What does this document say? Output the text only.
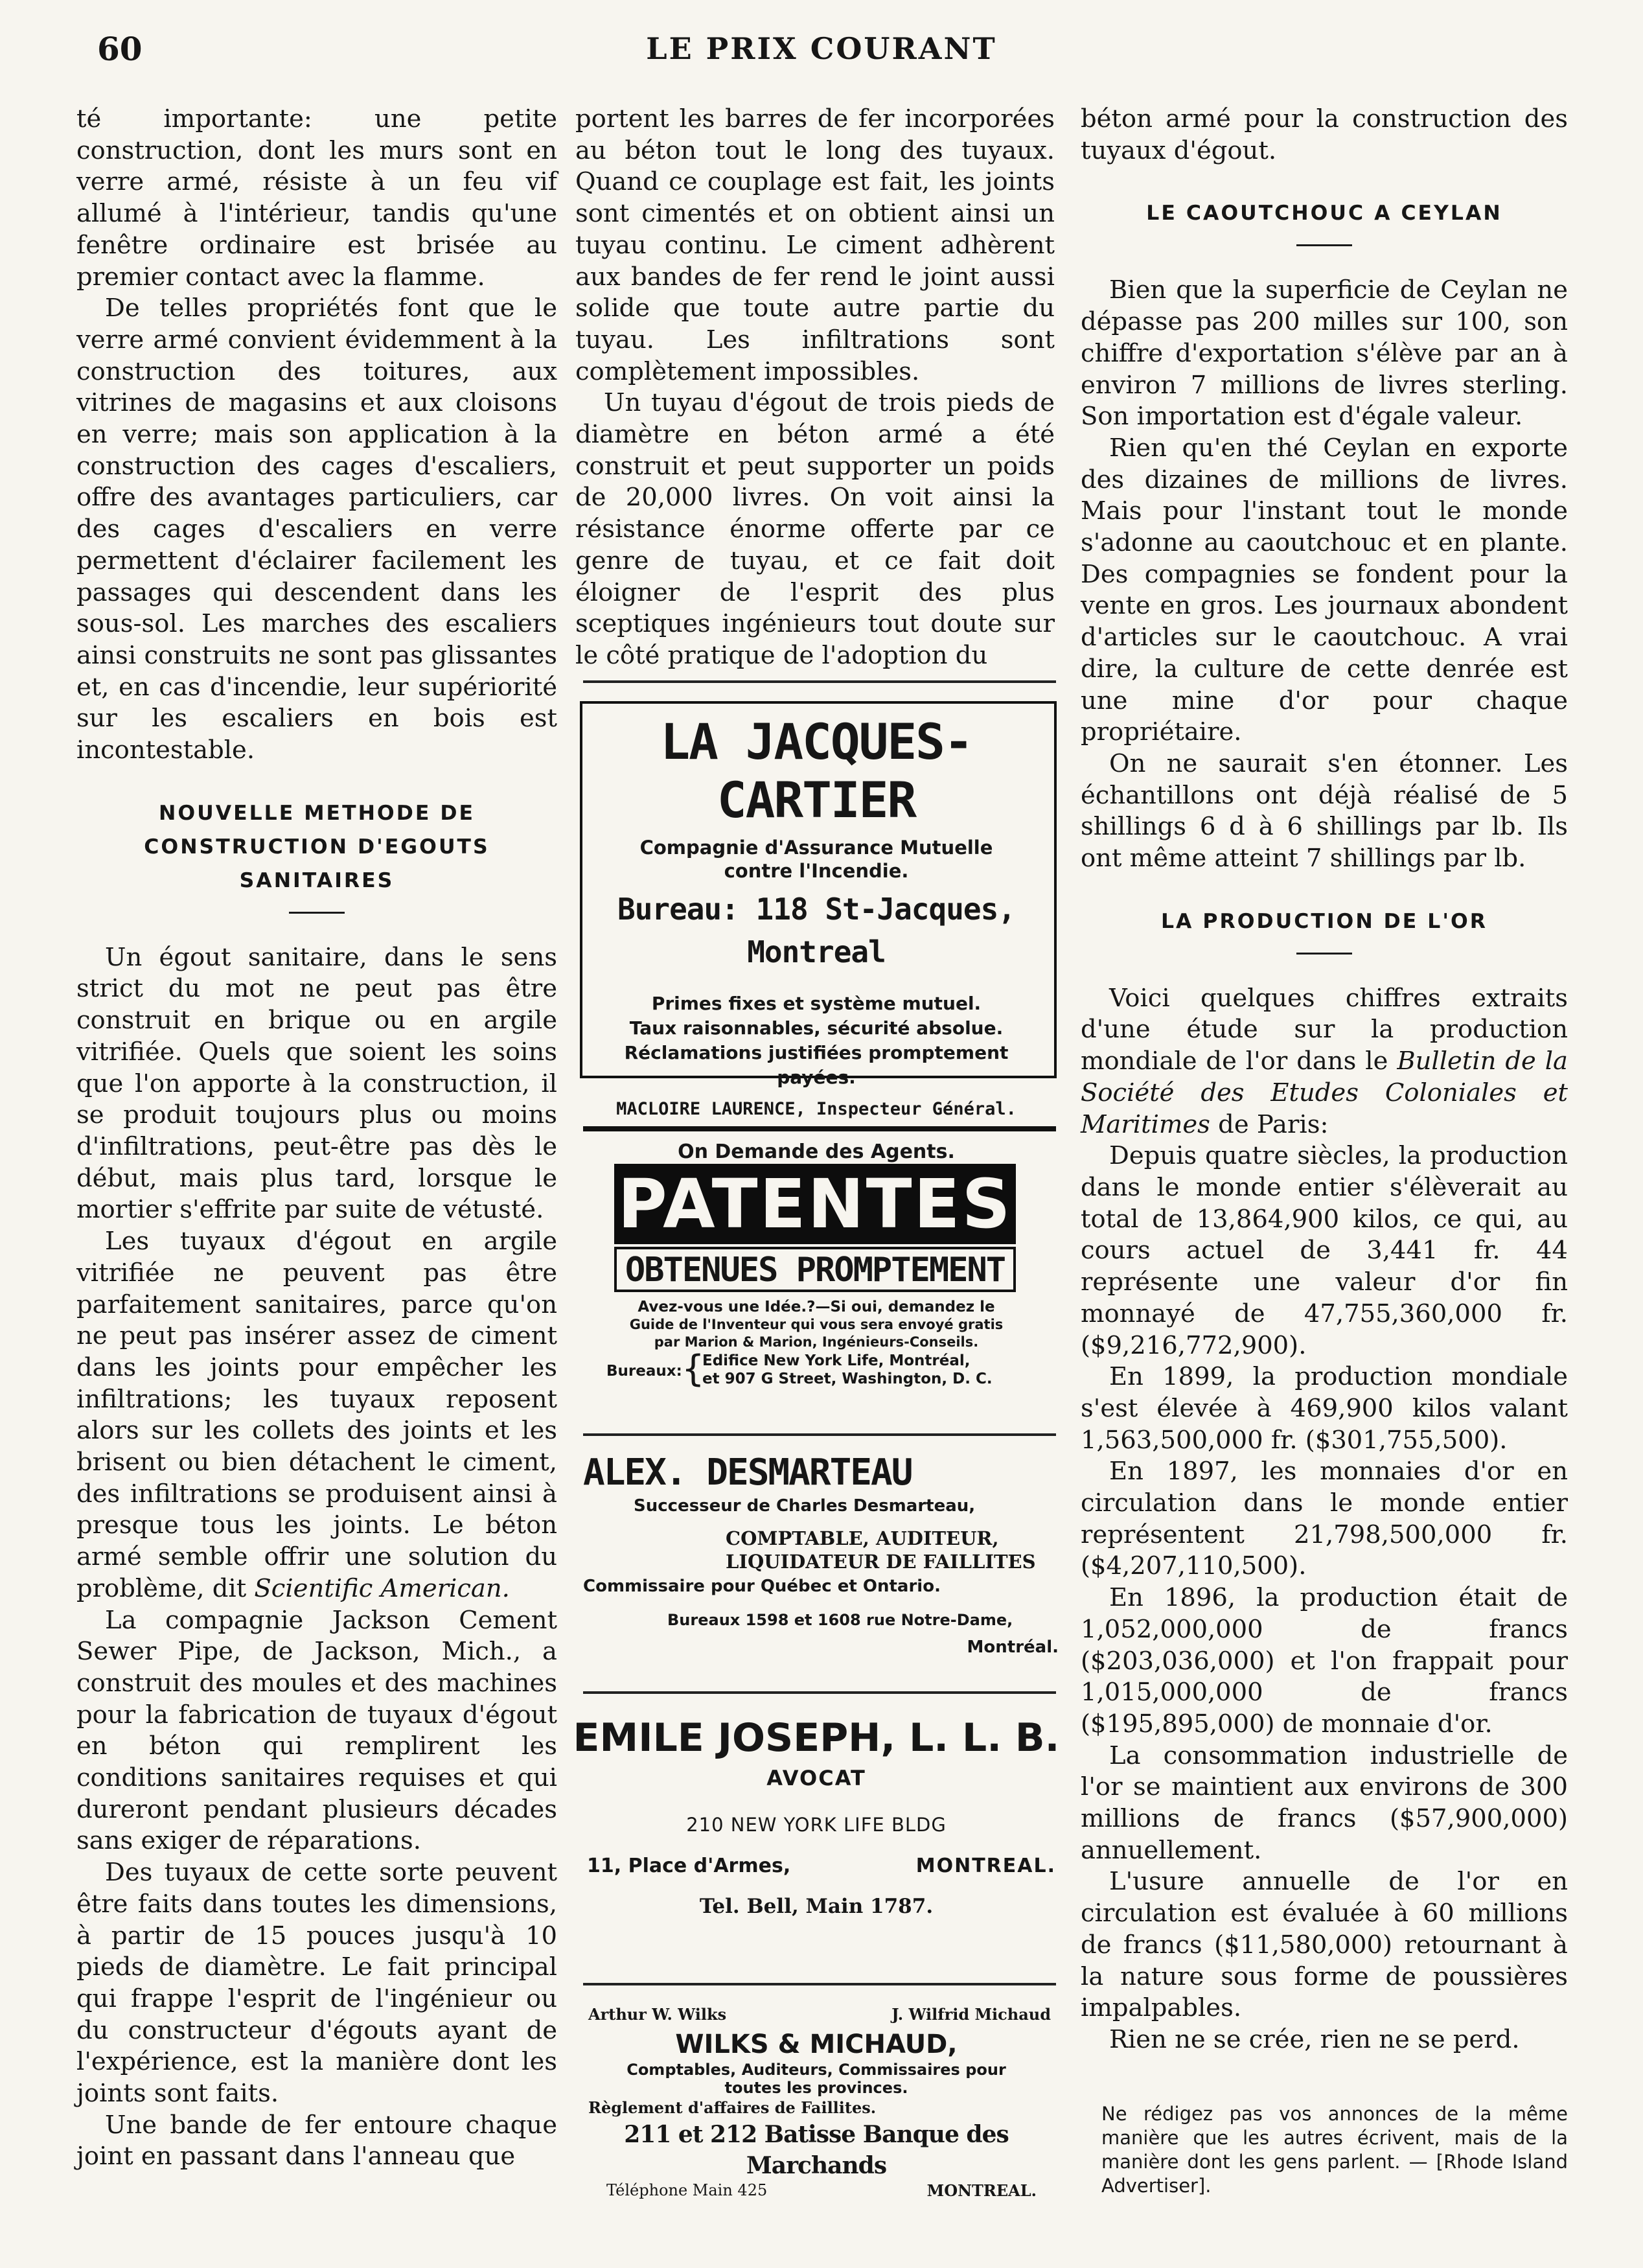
60	LE PRIX COURANT

té importante: une petite construction, dont les murs sont en verre armé, résiste à un feu vif allumé à l'intérieur, tandis qu'une fenêtre ordinaire est brisée au premier contact avec la flamme.

De telles propriétés font que le verre armé convient évidemment à la construction des toitures, aux vitrines de magasins et aux cloisons en verre; mais son application à la construction des cages d'escaliers, offre des avantages particuliers, car des cages d'escaliers en verre permettent d'éclairer facilement les passages qui descendent dans les sous-sol. Les marches des escaliers ainsi construits ne sont pas glissantes et, en cas d'incendie, leur supériorité sur les escaliers en bois est incontestable.

NOUVELLE METHODE DE CONSTRUCTION D'EGOUTS SANITAIRES

Un égout sanitaire, dans le sens strict du mot ne peut pas être construit en brique ou en argile vitrifiée. Quels que soient les soins que l'on apporte à la construction, il se produit toujours plus ou moins d'infiltrations, peut-être pas dès le début, mais plus tard, lorsque le mortier s'effrite par suite de vétusté.

Les tuyaux d'égout en argile vitrifiée ne peuvent pas être parfaitement sanitaires, parce qu'on ne peut pas insérer assez de ciment dans les joints pour empêcher les infiltrations; les tuyaux reposent alors sur les collets des joints et les brisent ou bien détachent le ciment, des infiltrations se produisent ainsi à presque tous les joints. Le béton armé semble offrir une solution du problème, dit Scientific American.

La compagnie Jackson Cement Sewer Pipe, de Jackson, Mich., a construit des moules et des machines pour la fabrication de tuyaux d'égout en béton qui remplirent les conditions sanitaires requises et qui dureront pendant plusieurs décades sans exiger de réparations.

Des tuyaux de cette sorte peuvent être faits dans toutes les dimensions, à partir de 15 pouces jusqu'à 10 pieds de diamètre. Le fait principal qui frappe l'esprit de l'ingénieur ou du constructeur d'égouts ayant de l'expérience, est la manière dont les joints sont faits.

Une bande de fer entoure chaque joint en passant dans l'anneau que

portent les barres de fer incorporées au béton tout le long des tuyaux. Quand ce couplage est fait, les joints sont cimentés et on obtient ainsi un tuyau continu. Le ciment adhèrent aux bandes de fer rend le joint aussi solide que toute autre partie du tuyau. Les infiltrations sont complètement impossibles.

Un tuyau d'égout de trois pieds de diamètre en béton armé a été construit et peut supporter un poids de 20,000 livres. On voit ainsi la résistance énorme offerte par ce genre de tuyau, et ce fait doit éloigner de l'esprit des plus sceptiques ingénieurs tout doute sur le côté pratique de l'adoption du

béton armé pour la construction des tuyaux d'égout.

LE CAOUTCHOUC A CEYLAN

Bien que la superficie de Ceylan ne dépasse pas 200 milles sur 100, son chiffre d'exportation s'élève par an à environ 7 millions de livres sterling. Son importation est d'égale valeur.

Rien qu'en thé Ceylan en exporte des dizaines de millions de livres. Mais pour l'instant tout le monde s'adonne au caoutchouc et en plante. Des compagnies se fondent pour la vente en gros. Les journaux abondent d'articles sur le caoutchouc. A vrai dire, la culture de cette denrée est une mine d'or pour chaque propriétaire.

On ne saurait s'en étonner. Les échantillons ont déjà réalisé de 5 shillings 6 d à 6 shillings par lb. Ils ont même atteint 7 shillings par lb.

LA PRODUCTION DE L'OR

Voici quelques chiffres extraits d'une étude sur la production mondiale de l'or dans le Bulletin de la Société des Etudes Coloniales et Maritimes de Paris:

Depuis quatre siècles, la production dans le monde entier s'élèverait au total de 13,864,900 kilos, ce qui, au cours actuel de 3,441 fr. 44 représente une valeur d'or fin monnayé de 47,755,360,000 fr. ($9,216,772,900).

En 1899, la production mondiale s'est élevée à 469,900 kilos valant 1,563,500,000 fr. ($301,755,500).

En 1897, les monnaies d'or en circulation dans le monde entier représentent 21,798,500,000 fr. ($4,207,110,500).

En 1896, la production était de 1,052,000,000 de francs ($203,036,000) et l'on frappait pour 1,015,000,000 de francs ($195,895,000) de monnaie d'or.

La consommation industrielle de l'or se maintient aux environs de 300 millions de francs ($57,900,000) annuellement.

L'usure annuelle de l'or en circulation est évaluée à 60 millions de francs ($11,580,000) retournant à la nature sous forme de poussières impalpables.

Rien ne se crée, rien ne se perd.

LA JACQUES-CARTIER
Compagnie d'Assurance Mutuelle
contre l'Incendie.
Bureau: 118 St-Jacques, Montreal
Primes fixes et système mutuel.
Taux raisonnables, sécurité absolue.
Réclamations justifiées promptement payées.
MACLOIRE LAURENCE, Inspecteur Général.
On Demande des Agents.
PATENTES
OBTENUES PROMPTEMENT
Avez-vous une Idée.?—Si oui, demandez le
Guide de l'Inventeur qui vous sera envoyé gratis
par Marion & Marion, Ingénieurs-Conseils.
Bureaux: {
Edifice New York Life, Montréal,
et 907 G Street, Washington, D. C.
ALEX. DESMARTEAU
Successeur de Charles Desmarteau,
COMPTABLE, AUDITEUR,
LIQUIDATEUR DE FAILLITES
Commissaire pour Québec et Ontario.
Bureaux 1598 et 1608 rue Notre-Dame,
Montréal.
EMILE JOSEPH, L. L. B.
AVOCAT
210 NEW YORK LIFE BLDG
11, Place d'Armes,	MONTREAL.
Tel. Bell, Main 1787.
Arthur W. Wilks	J. Wilfrid Michaud
WILKS & MICHAUD,
Comptables, Auditeurs, Commissaires pour
toutes les provinces.
Règlement d'affaires de Faillites.
211 et 212 Batisse Banque des Marchands
Téléphone Main 425	MONTREAL.
Ne rédigez pas vos annonces de la même manière que les autres écrivent, mais de la manière dont les gens parlent. — [Rhode Island Advertiser].
